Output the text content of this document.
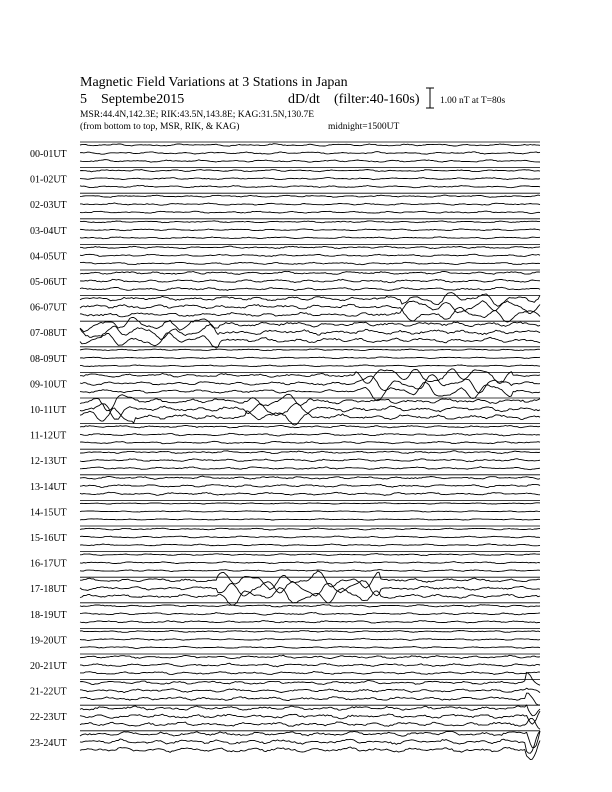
Magnetic Field Variations at 3 Stations in Japan
5 Septembe2015	dD/dt (filter:40-160s)
MSR:44.4N,142.3E; RIK:43.5N,143.8E; KAG:31.5N,130.7E
(from bottom to top, MSR, RIK, & KAG)	midnight=1500UT
1.00 nT at T=80s
00-01UT
01-02UT
02-03UT
03-04UT
04-05UT
05-06UT
06-07UT
07-08UT
08-09UT
09-10UT
10-11UT
11-12UT
12-13UT
13-14UT
14-15UT
15-16UT
16-17UT
17-18UT
18-19UT
19-20UT
20-21UT
21-22UT
22-23UT
23-24UT
